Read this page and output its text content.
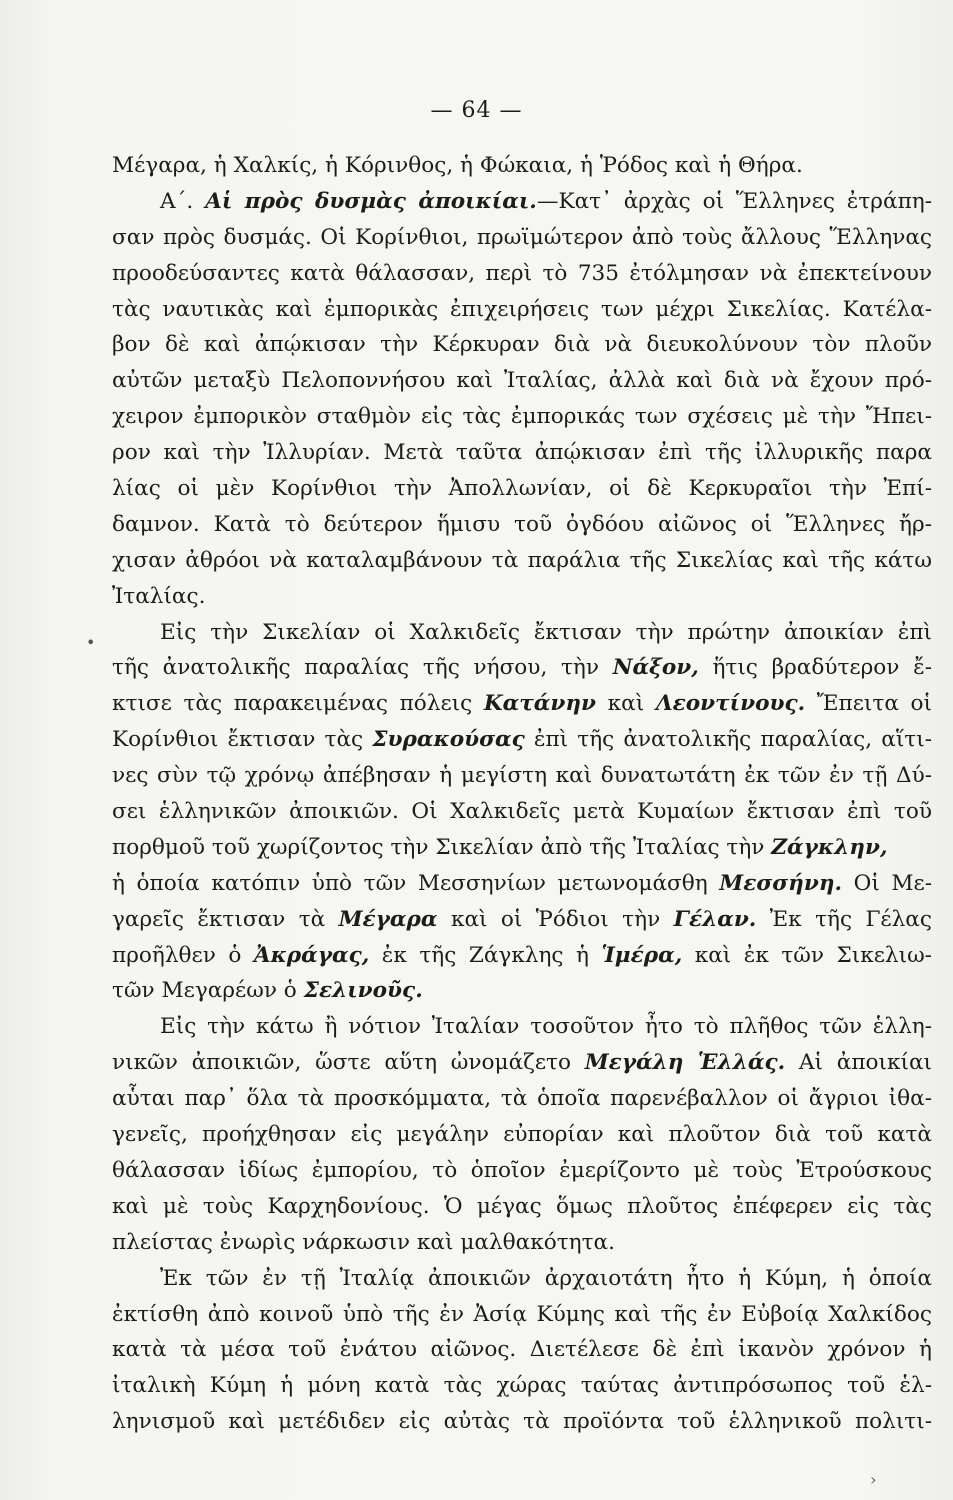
— 64 —
Μέγαρα, ἡ Χαλκίς, ἡ Κόρινθος, ἡ Φώκαια, ἡ Ῥόδος καὶ ἡ Θήρα.
Α΄. Αἱ πρὸς δυσμὰς ἀποικίαι.—Κατ᾽ ἀρχὰς οἱ Ἕλληνες ἐτράπη-
σαν πρὸς δυσμάς. Οἱ Κορίνθιοι, πρωϊμώτερον ἀπὸ τοὺς ἄλλους Ἕλληνας
προοδεύσαντες κατὰ θάλασσαν, περὶ τὸ 735 ἐτόλμησαν νὰ ἐπεκτείνουν
τὰς ναυτικὰς καὶ ἐμπορικὰς ἐπιχειρήσεις των μέχρι Σικελίας. Κατέλα-
βον δὲ καὶ ἀπῴκισαν τὴν Κέρκυραν διὰ νὰ διευκολύνουν τὸν πλοῦν
αὐτῶν μεταξὺ Πελοποννήσου καὶ Ἰταλίας, ἀλλὰ καὶ διὰ νὰ ἔχουν πρό-
χειρον ἐμπορικὸν σταθμὸν εἰς τὰς ἐμπορικάς των σχέσεις μὲ τὴν Ἤπει-
ρον καὶ τὴν Ἰλλυρίαν. Μετὰ ταῦτα ἀπῴκισαν ἐπὶ τῆς ἰλλυρικῆς παρα
λίας οἱ μὲν Κορίνθιοι τὴν Ἀπολλωνίαν, οἱ δὲ Κερκυραῖοι τὴν Ἐπί-
δαμνον. Κατὰ τὸ δεύτερον ἥμισυ τοῦ ὀγδόου αἰῶνος οἱ Ἕλληνες ἤρ-
χισαν ἀθρόοι νὰ καταλαμβάνουν τὰ παράλια τῆς Σικελίας καὶ τῆς κάτω
Ἰταλίας.
Εἰς τὴν Σικελίαν οἱ Χαλκιδεῖς ἔκτισαν τὴν πρώτην ἀποικίαν ἐπὶ
τῆς ἀνατολικῆς παραλίας τῆς νήσου, τὴν Νάξον, ἥτις βραδύτερον ἔ-
κτισε τὰς παρακειμένας πόλεις Κατάνην καὶ Λεοντίνους. Ἔπειτα οἱ
Κορίνθιοι ἔκτισαν τὰς Συρακούσας ἐπὶ τῆς ἀνατολικῆς παραλίας, αἵτι-
νες σὺν τῷ χρόνῳ ἀπέβησαν ἡ μεγίστη καὶ δυνατωτάτη ἐκ τῶν ἐν τῇ Δύ-
σει ἑλληνικῶν ἀποικιῶν. Οἱ Χαλκιδεῖς μετὰ Κυμαίων ἔκτισαν ἐπὶ τοῦ
πορθμοῦ τοῦ χωρίζοντος τὴν Σικελίαν ἀπὸ τῆς Ἰταλίας τὴν Ζάγκλην,
ἡ ὁποία κατόπιν ὑπὸ τῶν Μεσσηνίων μετωνομάσθη Μεσσήνη. Οἱ Με-
γαρεῖς ἔκτισαν τὰ Μέγαρα καὶ οἱ Ῥόδιοι τὴν Γέλαν. Ἐκ τῆς Γέλας
προῆλθεν ὁ Ἀκράγας, ἐκ τῆς Ζάγκλης ἡ Ἱμέρα, καὶ ἐκ τῶν Σικελιω-
τῶν Μεγαρέων ὁ Σελινοῦς.
Εἰς τὴν κάτω ἢ νότιον Ἰταλίαν τοσοῦτον ἦτο τὸ πλῆθος τῶν ἑλλη-
νικῶν ἀποικιῶν, ὥστε αὕτη ὠνομάζετο Μεγάλη Ἑλλάς. Αἱ ἀποικίαι
αὗται παρ᾽ ὅλα τὰ προσκόμματα, τὰ ὁποῖα παρενέβαλλον οἱ ἄγριοι ἰθα-
γενεῖς, προήχθησαν εἰς μεγάλην εὐπορίαν καὶ πλοῦτον διὰ τοῦ κατὰ
θάλασσαν ἰδίως ἐμπορίου, τὸ ὁποῖον ἐμερίζοντο μὲ τοὺς Ἐτρούσκους
καὶ μὲ τοὺς Καρχηδονίους. Ὁ μέγας ὅμως πλοῦτος ἐπέφερεν εἰς τὰς
πλείστας ἐνωρὶς νάρκωσιν καὶ μαλθακότητα.
Ἐκ τῶν ἐν τῇ Ἰταλίᾳ ἀποικιῶν ἀρχαιοτάτη ἦτο ἡ Κύμη, ἡ ὁποία
ἐκτίσθη ἀπὸ κοινοῦ ὑπὸ τῆς ἐν Ἀσίᾳ Κύμης καὶ τῆς ἐν Εὐβοίᾳ Χαλκίδος
κατὰ τὰ μέσα τοῦ ἐνάτου αἰῶνος. Διετέλεσε δὲ ἐπὶ ἱκανὸν χρόνον ἡ
ἰταλικὴ Κύμη ἡ μόνη κατὰ τὰς χώρας ταύτας ἀντιπρόσωπος τοῦ ἑλ-
ληνισμοῦ καὶ μετέδιδεν εἰς αὐτὰς τὰ προϊόντα τοῦ ἑλληνικοῦ πολιτι-
•
›
